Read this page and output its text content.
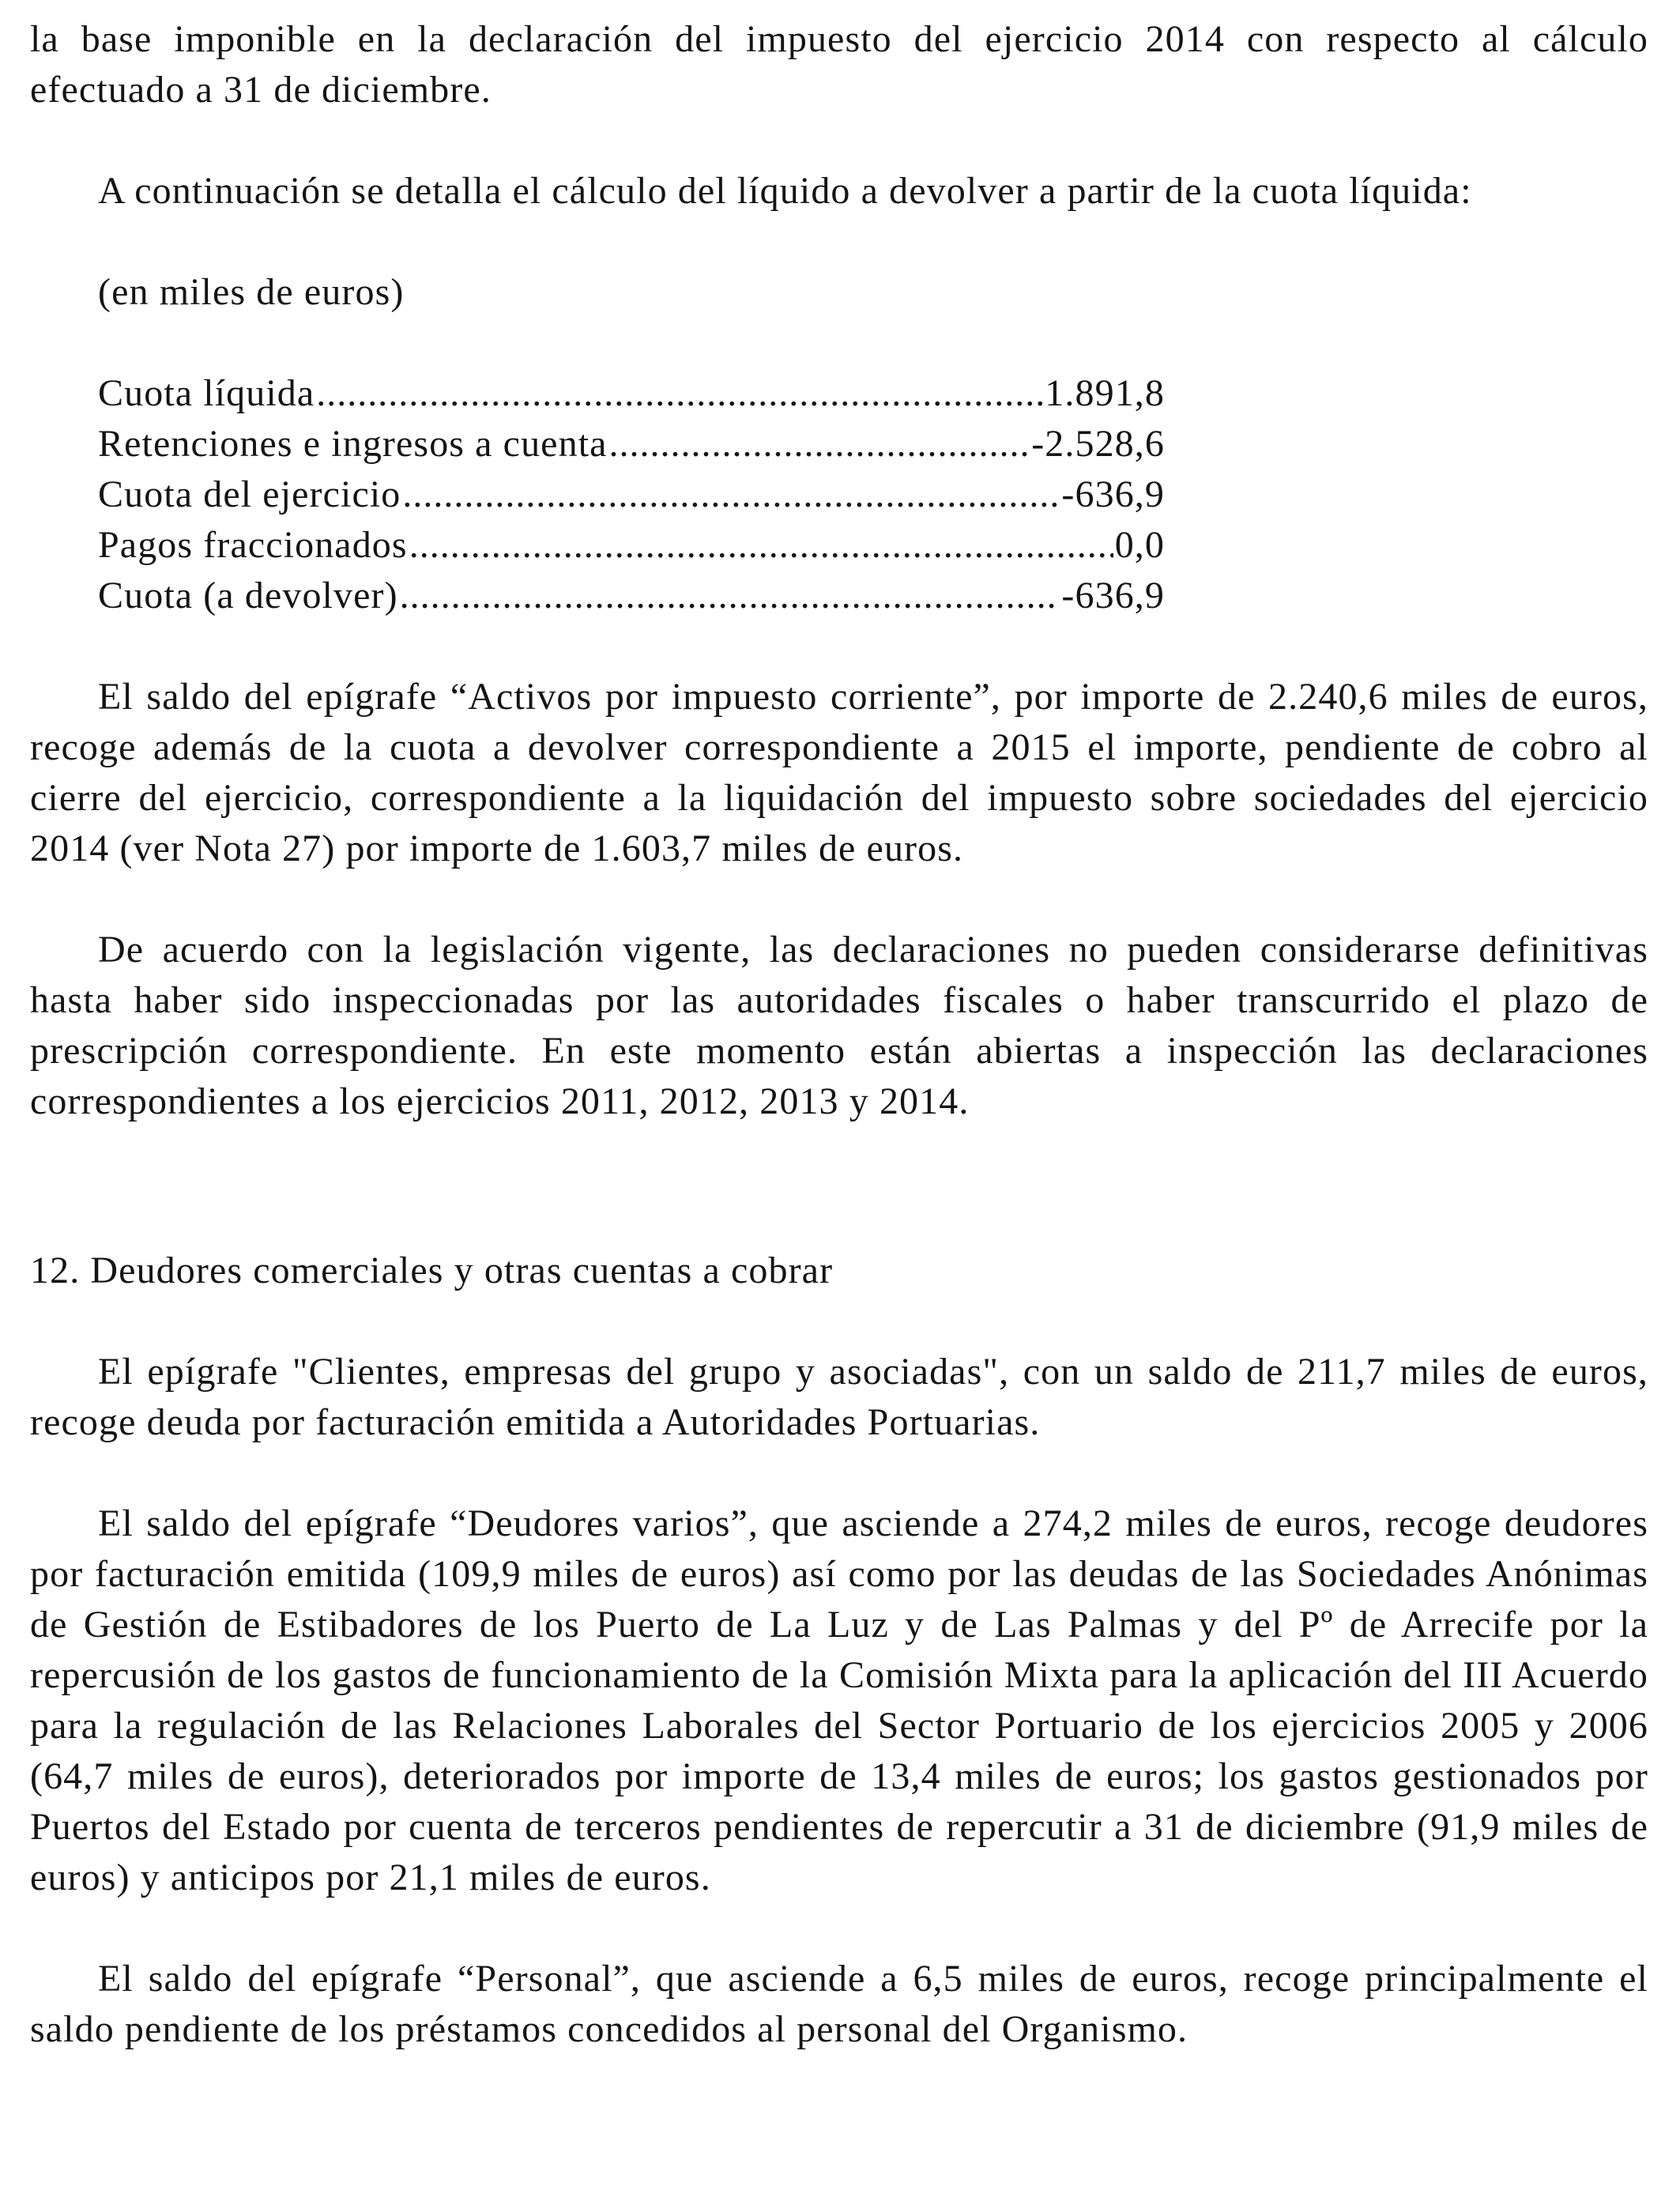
la base imponible en la declaración del impuesto del ejercicio 2014 con respecto al cálculo efectuado a 31 de diciembre.

A continuación se detalla el cálculo del líquido a devolver a partir de la cuota líquida:

(en miles de euros)

Cuota líquida .....	1.891,8
Retenciones e ingresos a cuenta .....	-2.528,6
Cuota del ejercicio .....	-636,9
Pagos fraccionados .....	0,0
Cuota (a devolver) .....	-636,9

El saldo del epígrafe “Activos por impuesto corriente”, por importe de 2.240,6 miles de euros, recoge además de la cuota a devolver correspondiente a 2015 el importe, pendiente de cobro al cierre del ejercicio, correspondiente a la liquidación del impuesto sobre sociedades del ejercicio 2014 (ver Nota 27) por importe de 1.603,7 miles de euros.

De acuerdo con la legislación vigente, las declaraciones no pueden considerarse definitivas hasta haber sido inspeccionadas por las autoridades fiscales o haber transcurrido el plazo de prescripción correspondiente. En este momento están abiertas a inspección las declaraciones correspondientes a los ejercicios 2011, 2012, 2013 y 2014.

12. Deudores comerciales y otras cuentas a cobrar

El epígrafe "Clientes, empresas del grupo y asociadas", con un saldo de 211,7 miles de euros, recoge deuda por facturación emitida a Autoridades Portuarias.

El saldo del epígrafe “Deudores varios”, que asciende a 274,2 miles de euros, recoge deudores por facturación emitida (109,9 miles de euros) así como por las deudas de las Sociedades Anónimas de Gestión de Estibadores de los Puerto de La Luz y de Las Palmas y del Pº de Arrecife por la repercusión de los gastos de funcionamiento de la Comisión Mixta para la aplicación del III Acuerdo para la regulación de las Relaciones Laborales del Sector Portuario de los ejercicios 2005 y 2006 (64,7 miles de euros), deteriorados por importe de 13,4 miles de euros; los gastos gestionados por Puertos del Estado por cuenta de terceros pendientes de repercutir a 31 de diciembre (91,9 miles de euros) y anticipos por 21,1 miles de euros.

El saldo del epígrafe “Personal”, que asciende a 6,5 miles de euros, recoge principalmente el saldo pendiente de los préstamos concedidos al personal del Organismo.
